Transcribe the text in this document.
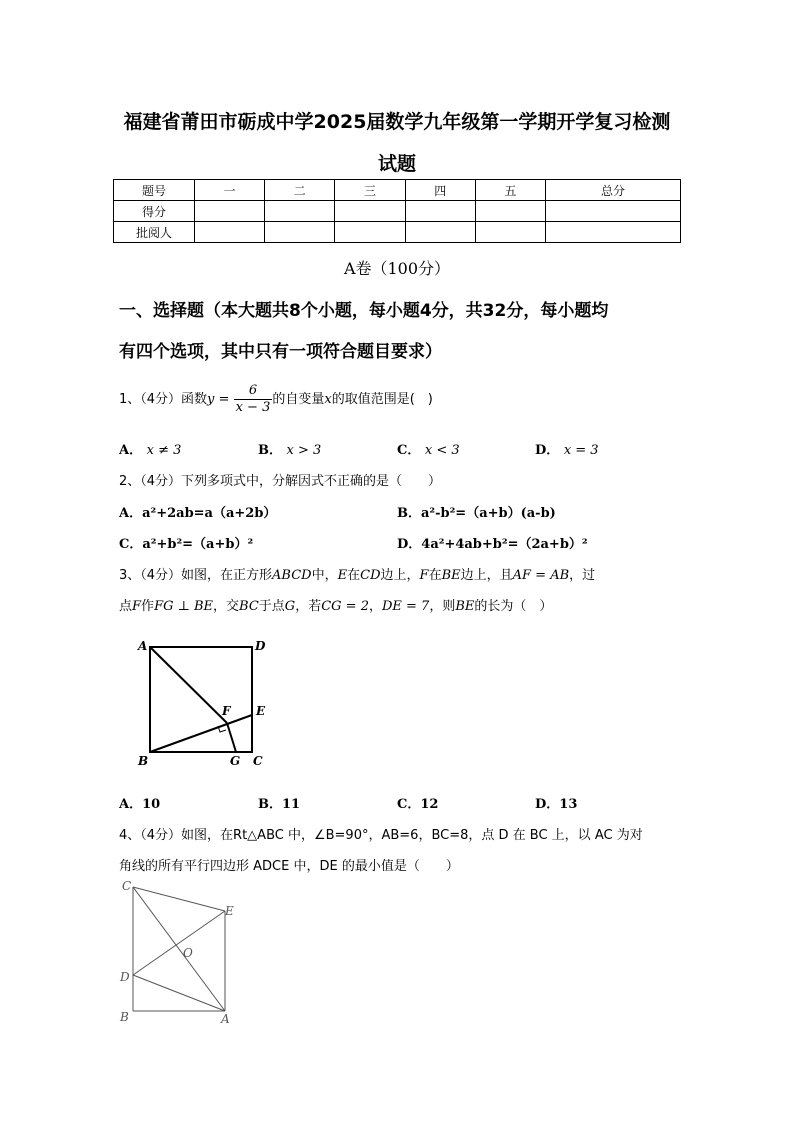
福建省莆田市砺成中学2025届数学九年级第一学期开学复习检测
试题
题号	一	二	三	四	五	总分
得分						
批阅人						
A卷（100分）
一、选择题（本大题共8个小题，每小题4分，共32分，每小题均
有四个选项，其中只有一项符合题目要求）
1、（4分）函数$y = \frac{6}{x - 3}$ 的自变量x的取值范围是(　)
A． x ≠ 3	B． x > 3	C． x < 3	D． x = 3
2、（4分）下列多项式中，分解因式不正确的是（　　）
A．a²+2ab=a（a+2b）	B．a²-b²=（a+b）(a-b)
C．a²+b²=（a+b）²	D．4a²+4ab+b²=（2a+b）²
3、（4分）如图，在正方形ABCD中，E在CD边上，F在BE边上，且AF = AB，过
点F作FG ⊥ BE，交BC于点G，若CG = 2，DE = 7，则BE的长为（　）
A	D
F E
B	G C
A．10	B．11	C．12	D．13
4、（4分）如图，在Rt△ABC 中，∠B=90°，AB=6，BC=8，点 D 在 BC 上，以 AC 为对
角线的所有平行四边形 ADCE 中，DE 的最小值是（　　）
C
E
O
D
B	A
